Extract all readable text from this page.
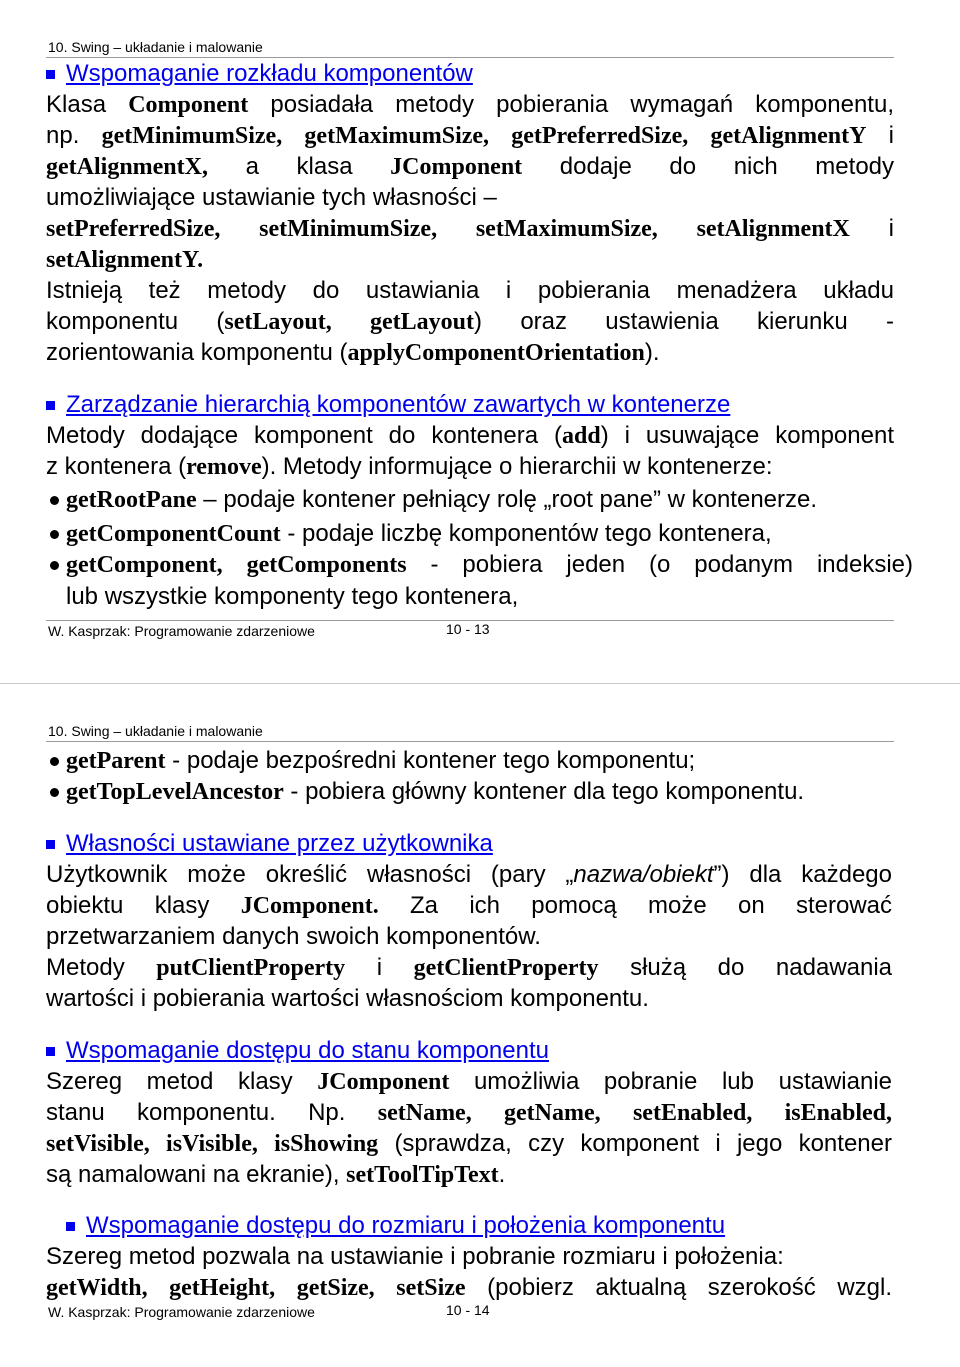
10. Swing – układanie i malowanie
Wspomaganie rozkładu komponentów
Klasa Component posiadała metody pobierania wymagań komponentu,
np. getMinimumSize, getMaximumSize, getPreferredSize, getAlignmentY i
getAlignmentX, a klasa JComponent dodaje do nich metody
umożliwiające ustawianie tych własności –
setPreferredSize, setMinimumSize, setMaximumSize, setAlignmentX i
setAlignmentY.
Istnieją też metody do ustawiania i pobierania menadżera układu
komponentu (setLayout, getLayout) oraz ustawienia kierunku -
zorientowania komponentu (applyComponentOrientation).
Zarządzanie hierarchią komponentów zawartych w kontenerze
Metody dodające komponent do kontenera (add) i usuwające komponent
z kontenera (remove). Metody informujące o hierarchii w kontenerze:
getRootPane – podaje kontener pełniący rolę „root pane” w kontenerze.
getComponentCount - podaje liczbę komponentów tego kontenera,
getComponent, getComponents - pobiera jeden (o podanym indeksie)
lub wszystkie komponenty tego kontenera,
W. Kasprzak: Programowanie zdarzeniowe	10 - 13
10. Swing – układanie i malowanie
getParent - podaje bezpośredni kontener tego komponentu;
getTopLevelAncestor - pobiera główny kontener dla tego komponentu.
Własności ustawiane przez użytkownika
Użytkownik może określić własności (pary „nazwa/obiekt”) dla każdego
obiektu klasy JComponent. Za ich pomocą może on sterować
przetwarzaniem danych swoich komponentów.
Metody putClientProperty i getClientProperty służą do nadawania
wartości i pobierania wartości własnościom komponentu.
Wspomaganie dostępu do stanu komponentu
Szereg metod klasy JComponent umożliwia pobranie lub ustawianie
stanu komponentu. Np. setName, getName, setEnabled, isEnabled,
setVisible, isVisible, isShowing (sprawdza, czy komponent i jego kontener
są namalowani na ekranie), setToolTipText.
Wspomaganie dostępu do rozmiaru i położenia komponentu
Szereg metod pozwala na ustawianie i pobranie rozmiaru i położenia:
getWidth, getHeight, getSize, setSize (pobierz aktualną szerokość wzgl.
W. Kasprzak: Programowanie zdarzeniowe	10 - 14
